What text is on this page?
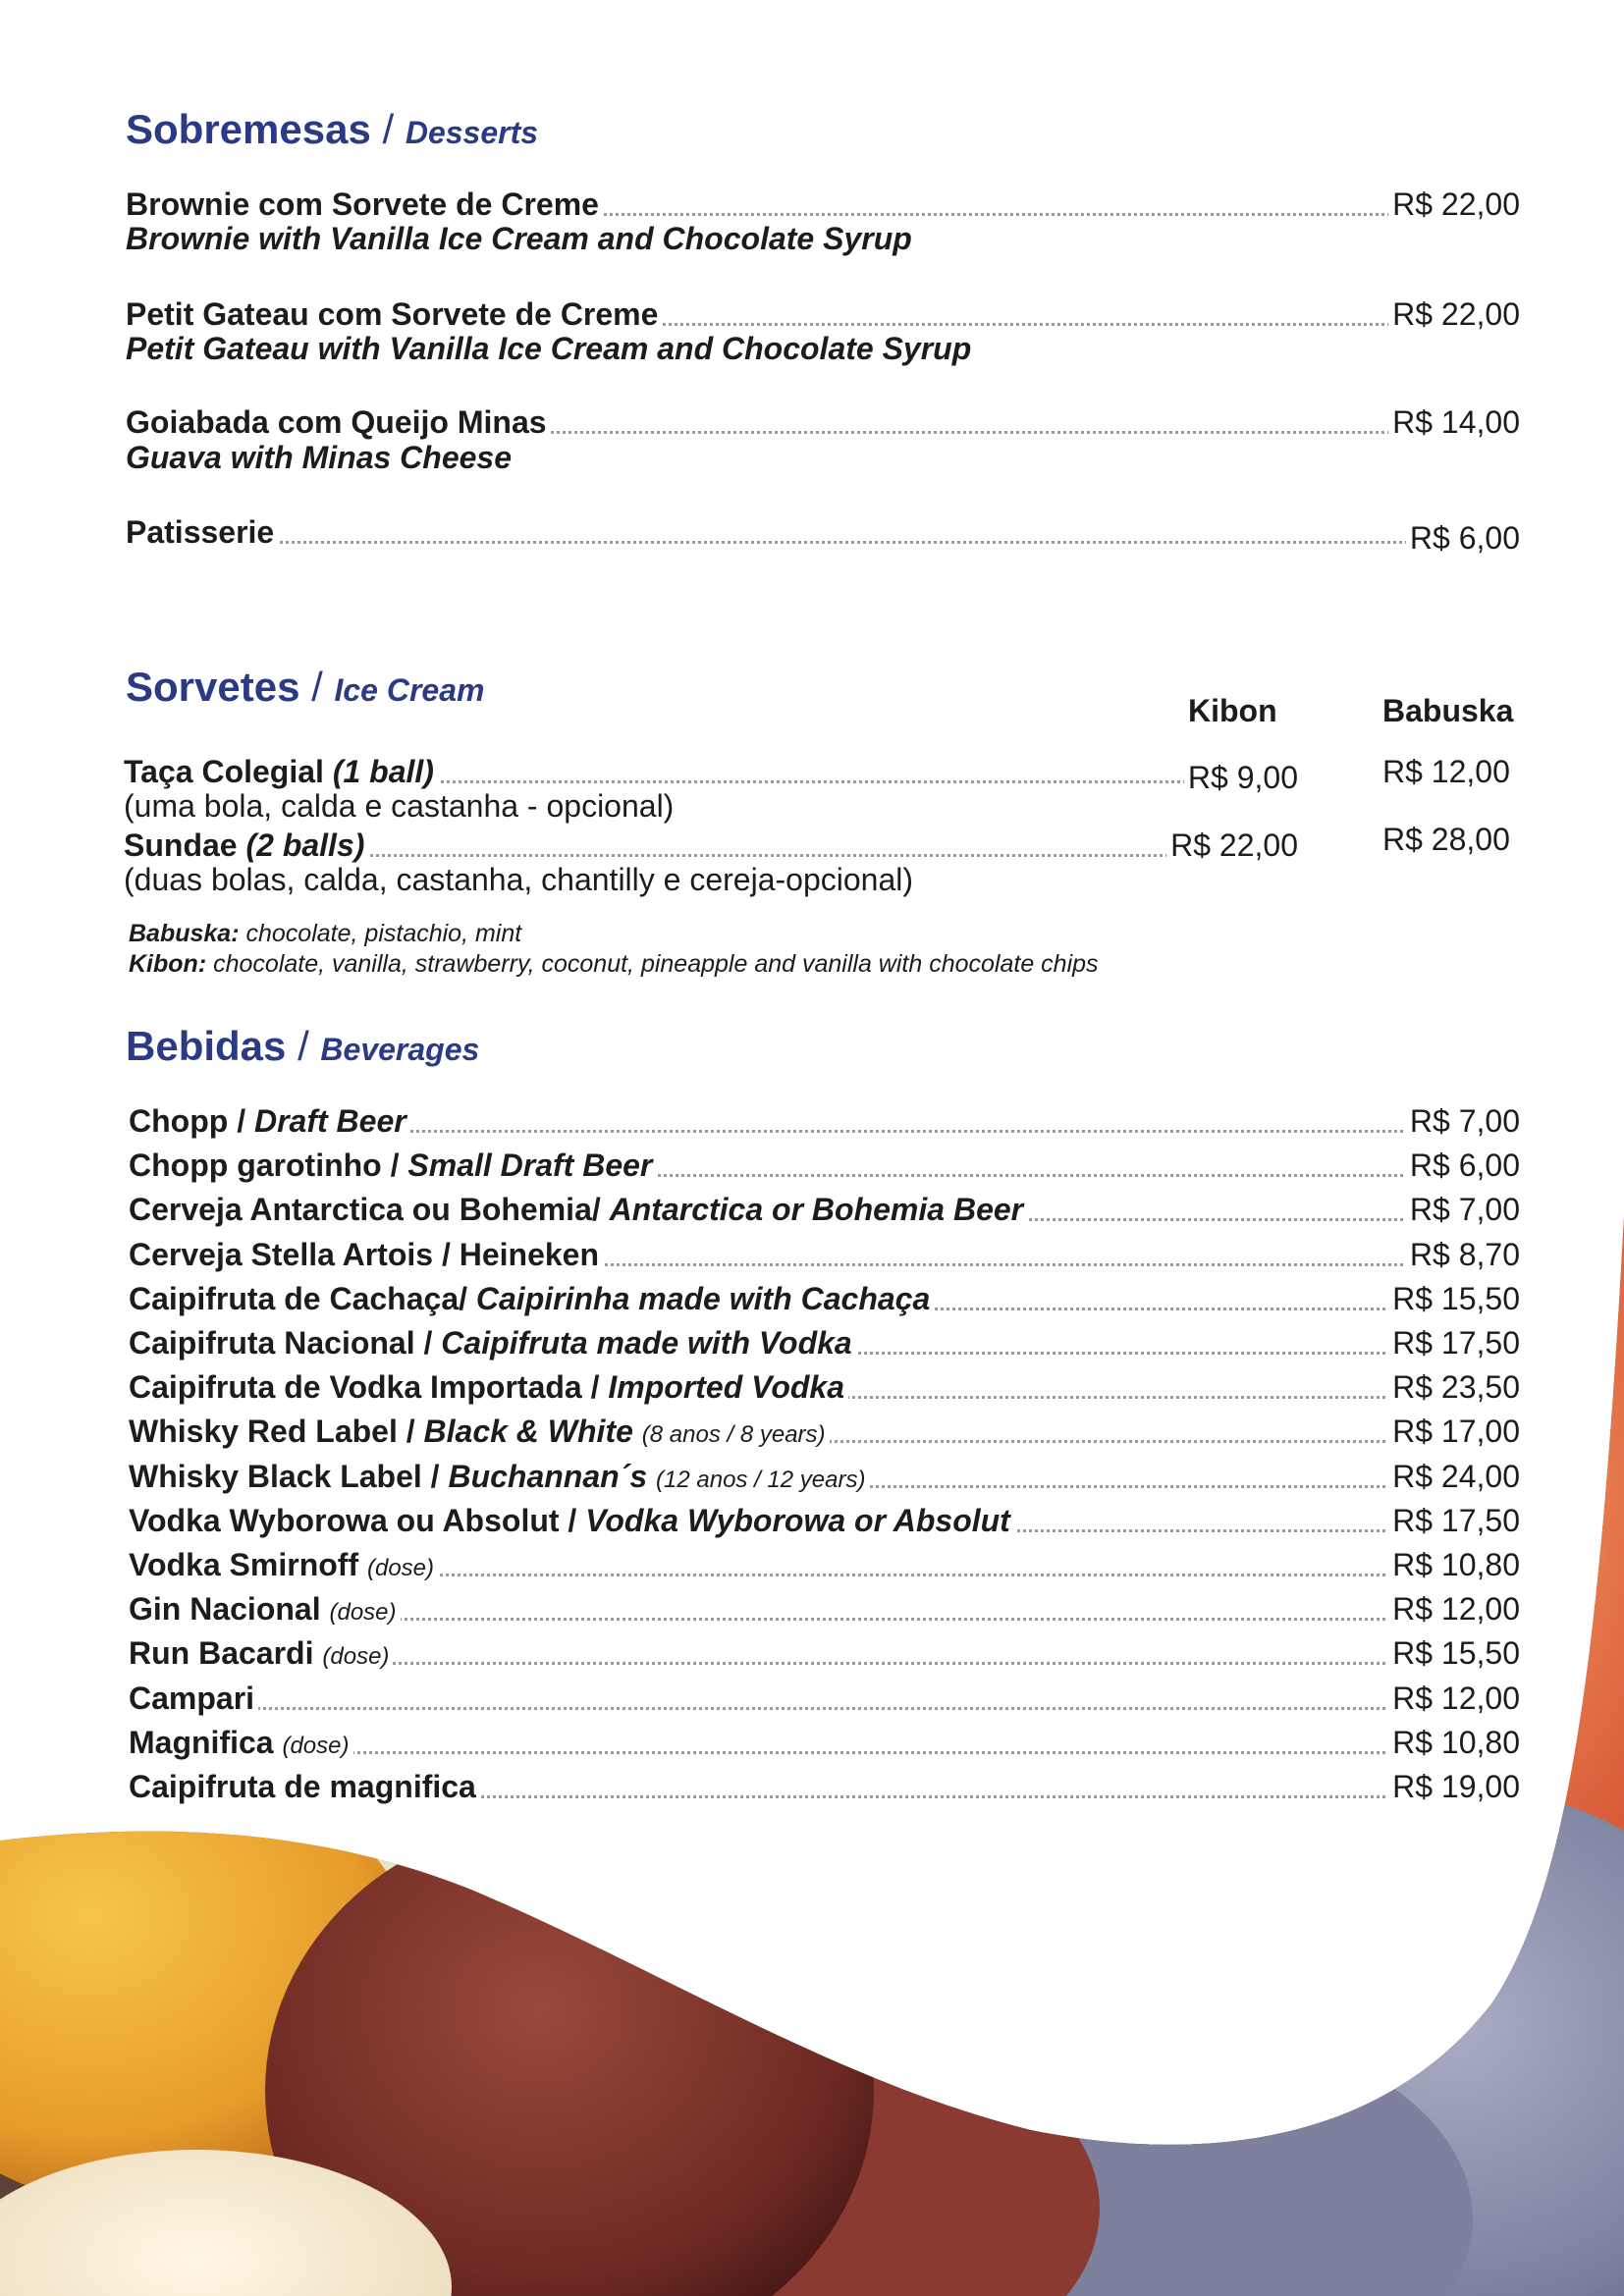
Sobremesas / Desserts
Brownie com Sorvete de Creme	R$ 22,00
Brownie with Vanilla Ice Cream and Chocolate Syrup
Petit Gateau com Sorvete de Creme	R$ 22,00
Petit Gateau with Vanilla Ice Cream and Chocolate Syrup
Goiabada com Queijo Minas	R$ 14,00
Guava with Minas Cheese
Patisserie	R$ 6,00
Sorvetes / Ice Cream
Kibon	Babuska
Taça Colegial (1 ball)	R$ 9,00	R$ 12,00
(uma bola, calda e castanha - opcional)
Sundae (2 balls)	R$ 22,00	R$ 28,00
(duas bolas, calda, castanha, chantilly e cereja-opcional)
Babuska: chocolate, pistachio, mint
Kibon: chocolate, vanilla, strawberry, coconut, pineapple and vanilla with chocolate chips
Bebidas / Beverages
Chopp / Draft Beer	R$ 7,00
Chopp garotinho / Small Draft Beer	R$ 6,00
Cerveja Antarctica ou Bohemia/ Antarctica or Bohemia Beer	R$ 7,00
Cerveja Stella Artois / Heineken	R$ 8,70
Caipifruta de Cachaça/ Caipirinha made with Cachaça	R$ 15,50
Caipifruta Nacional / Caipifruta made with Vodka	R$ 17,50
Caipifruta de Vodka Importada / Imported Vodka	R$ 23,50
Whisky Red Label / Black & White (8 anos / 8 years)	R$ 17,00
Whisky Black Label / Buchannan´s (12 anos / 12 years)	R$ 24,00
Vodka Wyborowa ou Absolut / Vodka Wyborowa or Absolut	R$ 17,50
Vodka Smirnoff (dose)	R$ 10,80
Gin Nacional (dose)	R$ 12,00
Run Bacardi (dose)	R$ 15,50
Campari	R$ 12,00
Magnifica (dose)	R$ 10,80
Caipifruta de magnifica	R$ 19,00
